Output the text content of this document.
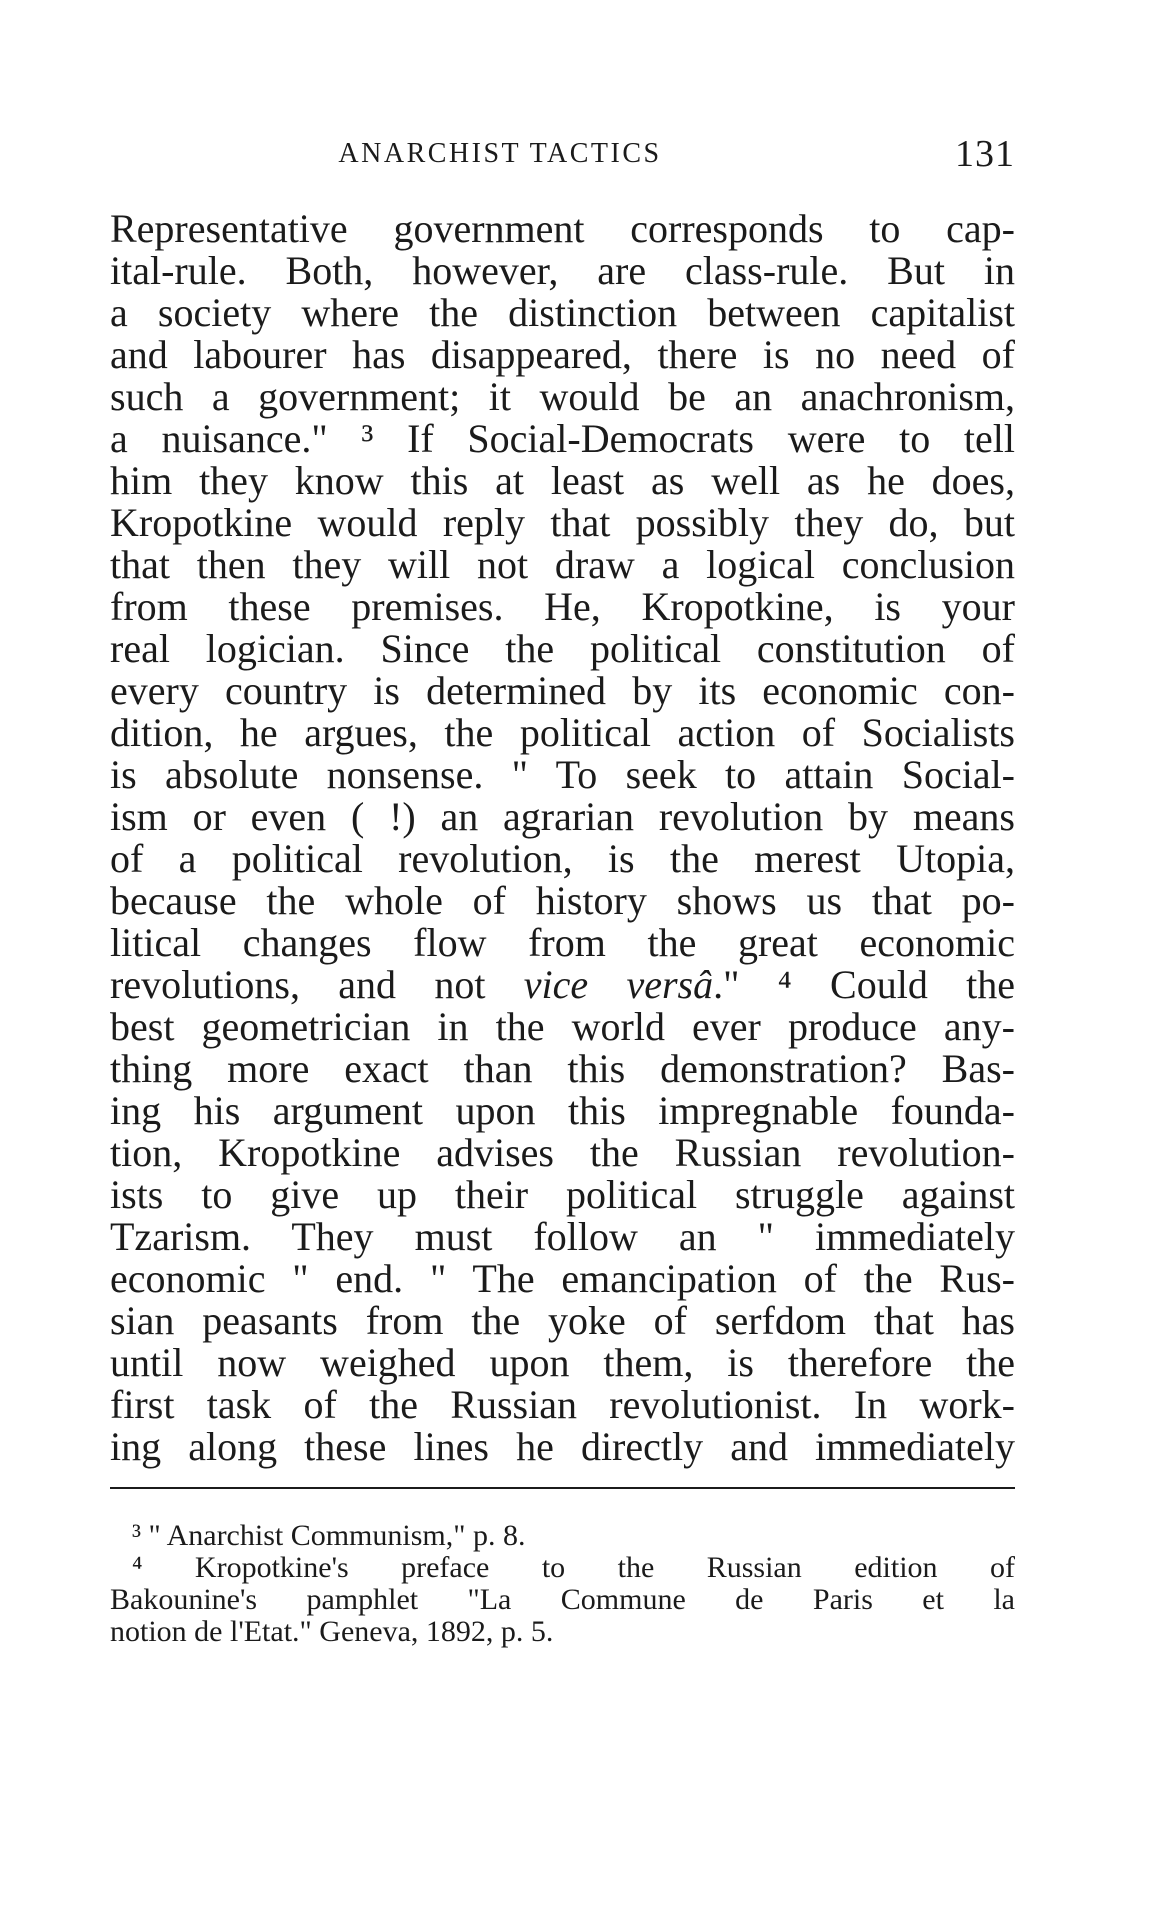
ANARCHIST TACTICS	131
Representative government corresponds to cap-
ital-rule. Both, however, are class-rule. But in
a society where the distinction between capitalist
and labourer has disappeared, there is no need of
such a government; it would be an anachronism,
a nuisance." ³ If Social-Democrats were to tell
him they know this at least as well as he does,
Kropotkine would reply that possibly they do, but
that then they will not draw a logical conclusion
from these premises. He, Kropotkine, is your
real logician. Since the political constitution of
every country is determined by its economic con-
dition, he argues, the political action of Socialists
is absolute nonsense. " To seek to attain Social-
ism or even ( !) an agrarian revolution by means
of a political revolution, is the merest Utopia,
because the whole of history shows us that po-
litical changes flow from the great economic
revolutions, and not vice versâ." ⁴ Could the
best geometrician in the world ever produce any-
thing more exact than this demonstration? Bas-
ing his argument upon this impregnable founda-
tion, Kropotkine advises the Russian revolution-
ists to give up their political struggle against
Tzarism. They must follow an " immediately
economic " end. " The emancipation of the Rus-
sian peasants from the yoke of serfdom that has
until now weighed upon them, is therefore the
first task of the Russian revolutionist. In work-
ing along these lines he directly and immediately
³ " Anarchist Communism," p. 8.
⁴ Kropotkine's preface to the Russian edition of
Bakounine's pamphlet "La Commune de Paris et la
notion de l'Etat." Geneva, 1892, p. 5.
